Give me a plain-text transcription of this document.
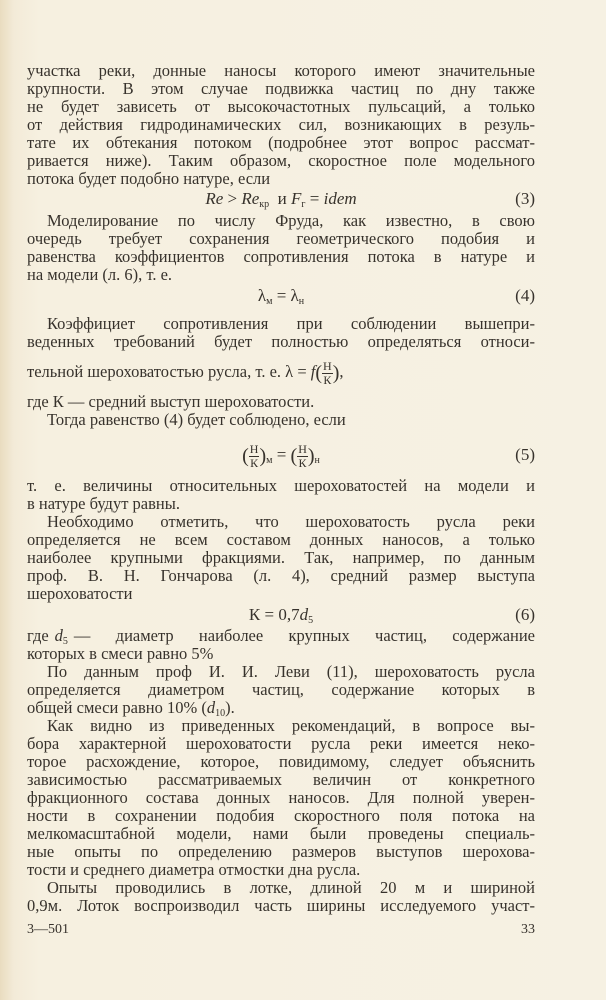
участка реки, донные наносы которого имеют значительные
крупности. В этом случае подвижка частиц по дну также
не будет зависеть от высокочастотных пульсаций, а только
от действия гидродинамических сил, возникающих в резуль-
тате их обтекания потоком (подробнее этот вопрос рассмат-
ривается ниже). Таким образом, скоростное поле модельного
потока будет подобно натуре, если
$Re > Re_{кр}$ и $F_г$ = idem	(3)
Моделирование по числу Фруда, как известно, в свою
очередь требует сохранения геометрического подобия и
равенства коэффициентов сопротивления потока в натуре и
на модели (л. 6), т. е.
$\lambda_м = \lambda_н$	(4)
Коэффициет сопротивления при соблюдении вышепри-
веденных требований будет полностью определяться относи-
тельной шероховатостью русла, т. е. $\lambda = f( \frac{Н}{К}$ ),
где К — средний выступ шероховатости.
Тогда равенство (4) будет соблюдено, если
( $\frac{Н}{К} )_м$ = ( $\frac{Н}{К} )_н$	(5)
т. е. величины относительных шероховатостей на модели и
в натуре будут равны.
Необходимо отметить, что шероховатость русла реки
определяется не всем составом донных наносов, а только
наиболее крупными фракциями. Так, например, по данным
проф. В. Н. Гончарова (л. 4), средний размер выступа
шероховатости
$К = 0,7d_5$	(6)
где $d_5$ — диаметр наиболее крупных частиц, содержание
которых в смеси равно 5%
По данным проф И. И. Леви (11), шероховатость русла
определяется диаметром частиц, содержание которых в
общей смеси равно 10% $(d_{10})$.
Как видно из приведенных рекомендаций, в вопросе вы-
бора характерной шероховатости русла реки имеется неко-
торое расхождение, которое, повидимому, следует объяснить
зависимостью рассматриваемых величин от конкретного
фракционного состава донных наносов. Для полной уверен-
ности в сохранении подобия скоростного поля потока на
мелкомасштабной модели, нами были проведены специаль-
ные опыты по определению размеров выступов шерохова-
тости и среднего диаметра отмостки дна русла.
Опыты проводились в лотке, длиной 20 м и шириной
0,9м. Лоток воспроизводил часть ширины исследуемого участ-
3—501	33
